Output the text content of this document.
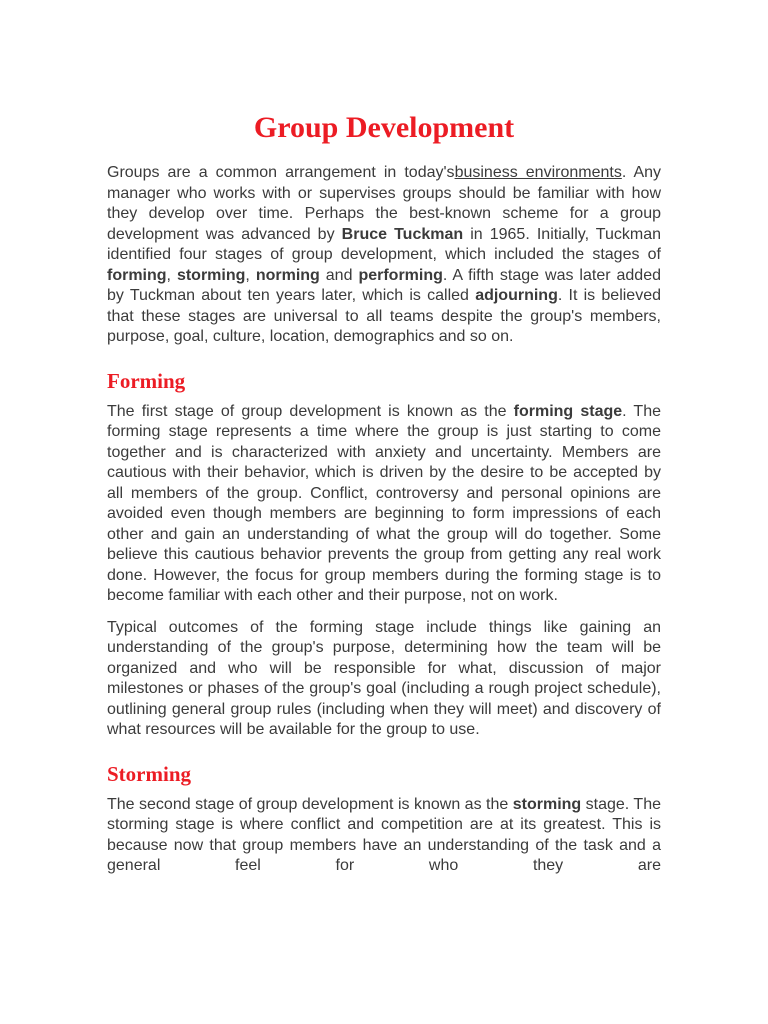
Group Development

Groups are a common arrangement in today'sbusiness environments. Any manager who works with or supervises groups should be familiar with how they develop over time. Perhaps the best-known scheme for a group development was advanced by Bruce Tuckman in 1965. Initially, Tuckman identified four stages of group development, which included the stages of forming, storming, norming and performing. A fifth stage was later added by Tuckman about ten years later, which is called adjourning. It is believed that these stages are universal to all teams despite the group's members, purpose, goal, culture, location, demographics and so on.

Forming

The first stage of group development is known as the forming stage. The forming stage represents a time where the group is just starting to come together and is characterized with anxiety and uncertainty. Members are cautious with their behavior, which is driven by the desire to be accepted by all members of the group. Conflict, controversy and personal opinions are avoided even though members are beginning to form impressions of each other and gain an understanding of what the group will do together. Some believe this cautious behavior prevents the group from getting any real work done. However, the focus for group members during the forming stage is to become familiar with each other and their purpose, not on work.

Typical outcomes of the forming stage include things like gaining an understanding of the group's purpose, determining how the team will be organized and who will be responsible for what, discussion of major milestones or phases of the group's goal (including a rough project schedule), outlining general group rules (including when they will meet) and discovery of what resources will be available for the group to use.

Storming

The second stage of group development is known as the storming stage. The storming stage is where conflict and competition are at its greatest. This is because now that group members have an understanding of the task and a general feel for who they are
